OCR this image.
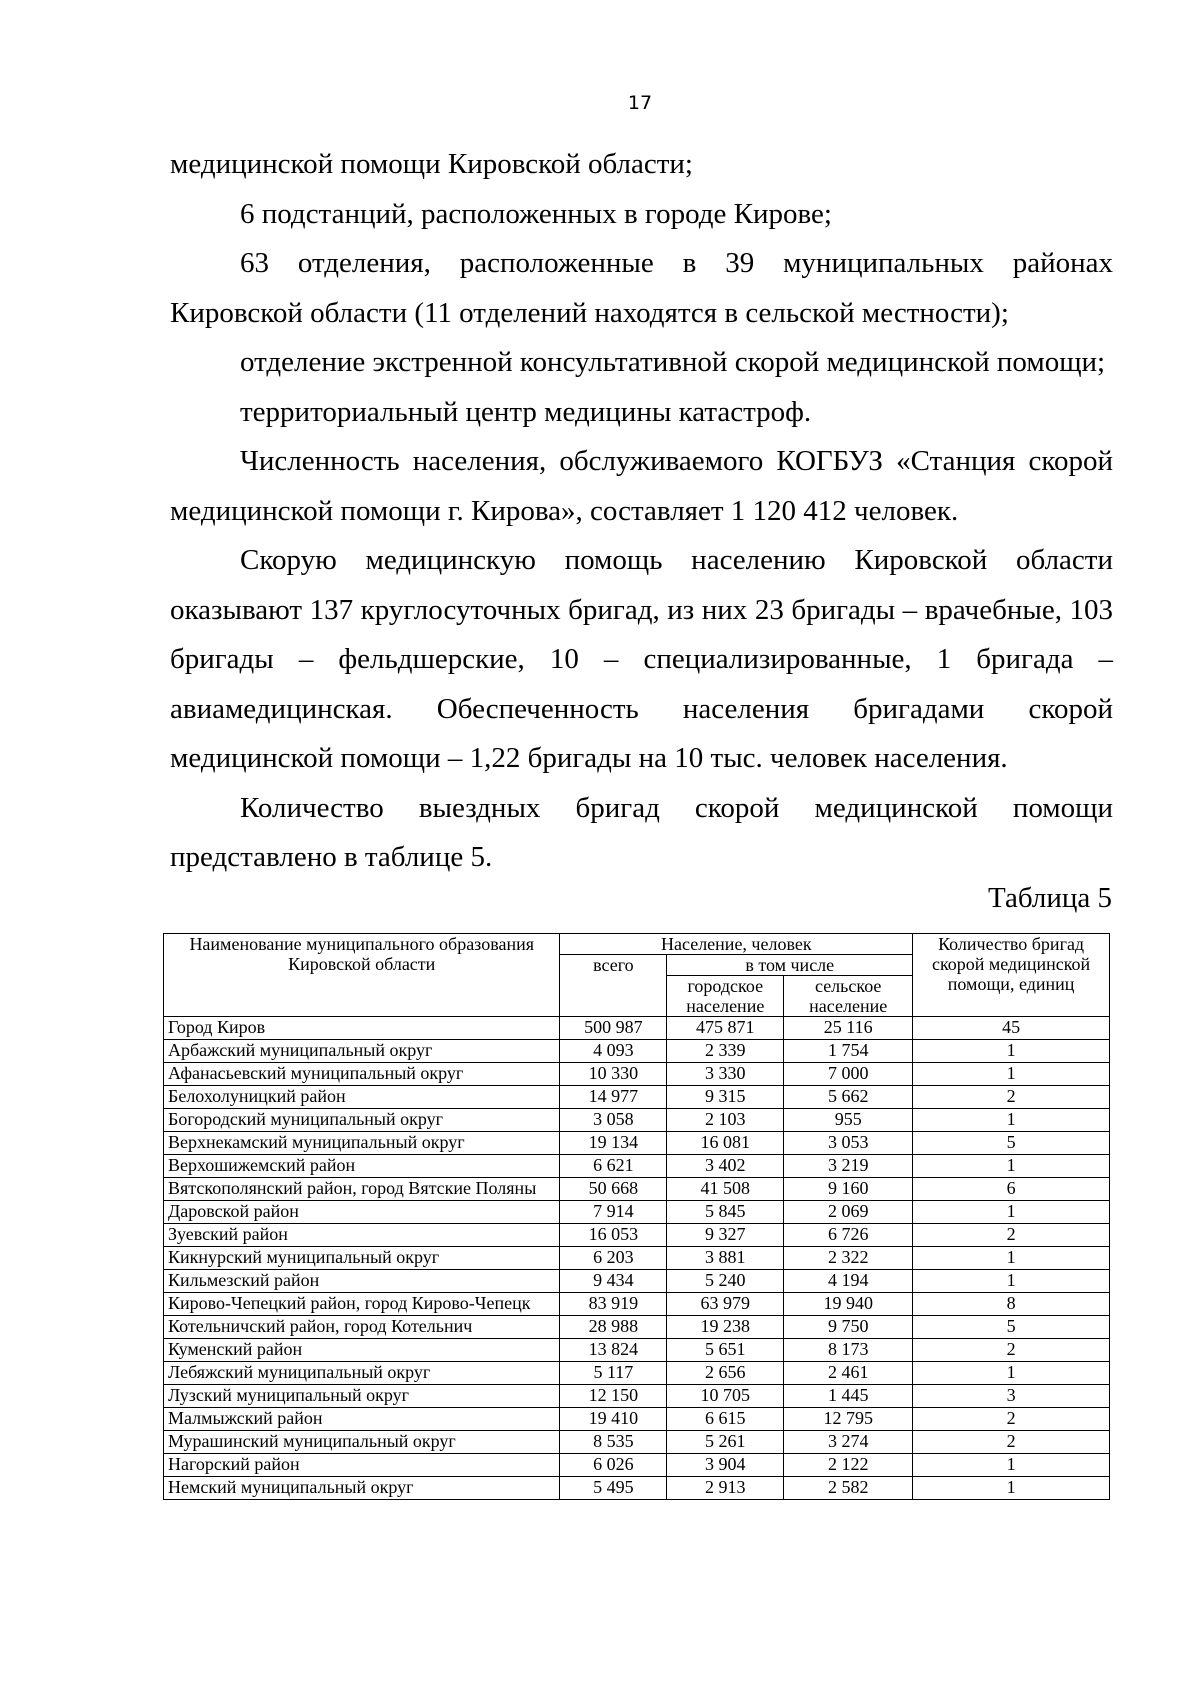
17

медицинской помощи Кировской области;

6 подстанций, расположенных в городе Кирове;

63 отделения, расположенные в 39 муниципальных районах Кировской области (11 отделений находятся в сельской местности);

отделение экстренной консультативной скорой медицинской помощи;

территориальный центр медицины катастроф.

Численность населения, обслуживаемого КОГБУЗ «Станция скорой медицинской помощи г. Кирова», составляет 1 120 412 человек.

Скорую медицинскую помощь населению Кировской области оказывают 137 круглосуточных бригад, из них 23 бригады – врачебные, 103 бригады – фельдшерские, 10 – специализированные, 1 бригада – авиамедицинская. Обеспеченность населения бригадами скорой медицинской помощи – 1,22 бригады на 10 тыс. человек населения.

Количество выездных бригад скорой медицинской помощи представлено в таблице 5.

Таблица 5
Наименование муниципального образования Кировской области	Население, человек			Количество бригад скорой медицинской помощи, единиц
	всего	в том числе		
		городское население	сельское население	
Город Киров	500 987	475 871	25 116	45
Арбажский муниципальный округ	4 093	2 339	1 754	1
Афанасьевский муниципальный округ	10 330	3 330	7 000	1
Белохолуницкий район	14 977	9 315	5 662	2
Богородский муниципальный округ	3 058	2 103	955	1
Верхнекамский муниципальный округ	19 134	16 081	3 053	5
Верхошижемский район	6 621	3 402	3 219	1
Вятскополянский район, город Вятские Поляны	50 668	41 508	9 160	6
Даровской район	7 914	5 845	2 069	1
Зуевский район	16 053	9 327	6 726	2
Кикнурский муниципальный округ	6 203	3 881	2 322	1
Кильмезский район	9 434	5 240	4 194	1
Кирово-Чепецкий район, город Кирово-Чепецк	83 919	63 979	19 940	8
Котельничский район, город Котельнич	28 988	19 238	9 750	5
Куменский район	13 824	5 651	8 173	2
Лебяжский муниципальный округ	5 117	2 656	2 461	1
Лузский муниципальный округ	12 150	10 705	1 445	3
Малмыжский район	19 410	6 615	12 795	2
Мурашинский муниципальный округ	8 535	5 261	3 274	2
Нагорский район	6 026	3 904	2 122	1
Немский муниципальный округ	5 495	2 913	2 582	1
